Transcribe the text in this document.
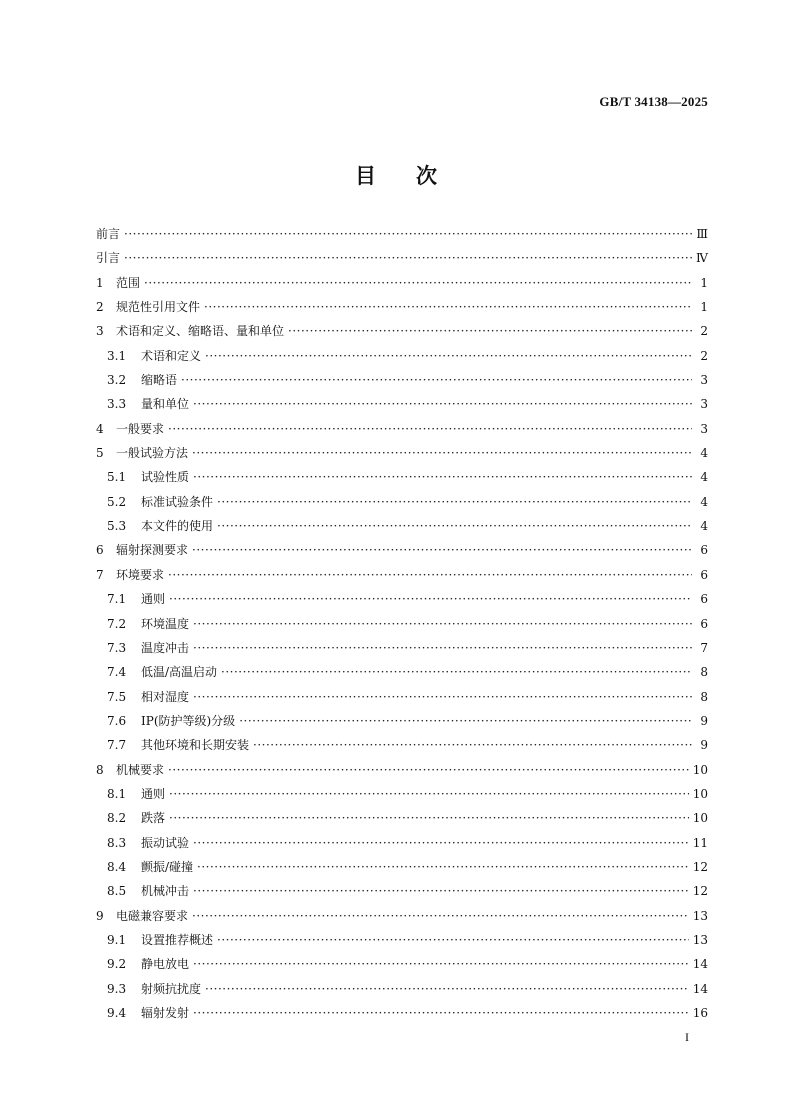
GB/T 34138—2025
目次
前言 ·····	Ⅲ
引言 ·····	Ⅳ
1	范围 ·····	1
2	规范性引用文件 ·····	1
3	术语和定义、缩略语、量和单位 ·····	2
3.1	术语和定义 ·····	2
3.2	缩略语 ·····	3
3.3	量和单位 ·····	3
4	一般要求 ·····	3
5	一般试验方法 ·····	4
5.1	试验性质 ·····	4
5.2	标准试验条件 ·····	4
5.3	本文件的使用 ·····	4
6	辐射探测要求 ·····	6
7	环境要求 ·····	6
7.1	通则 ·····	6
7.2	环境温度 ·····	6
7.3	温度冲击 ·····	7
7.4	低温/高温启动 ·····	8
7.5	相对湿度 ·····	8
7.6	IP(防护等级)分级 ·····	9
7.7	其他环境和长期安装 ·····	9
8	机械要求 ·····	10
8.1	通则 ·····	10
8.2	跌落 ·····	10
8.3	振动试验 ·····	11
8.4	颤振/碰撞 ·····	12
8.5	机械冲击 ·····	12
9	电磁兼容要求 ·····	13
9.1	设置推荐概述 ·····	13
9.2	静电放电 ·····	14
9.3	射频抗扰度 ·····	14
9.4	辐射发射 ·····	16
I
